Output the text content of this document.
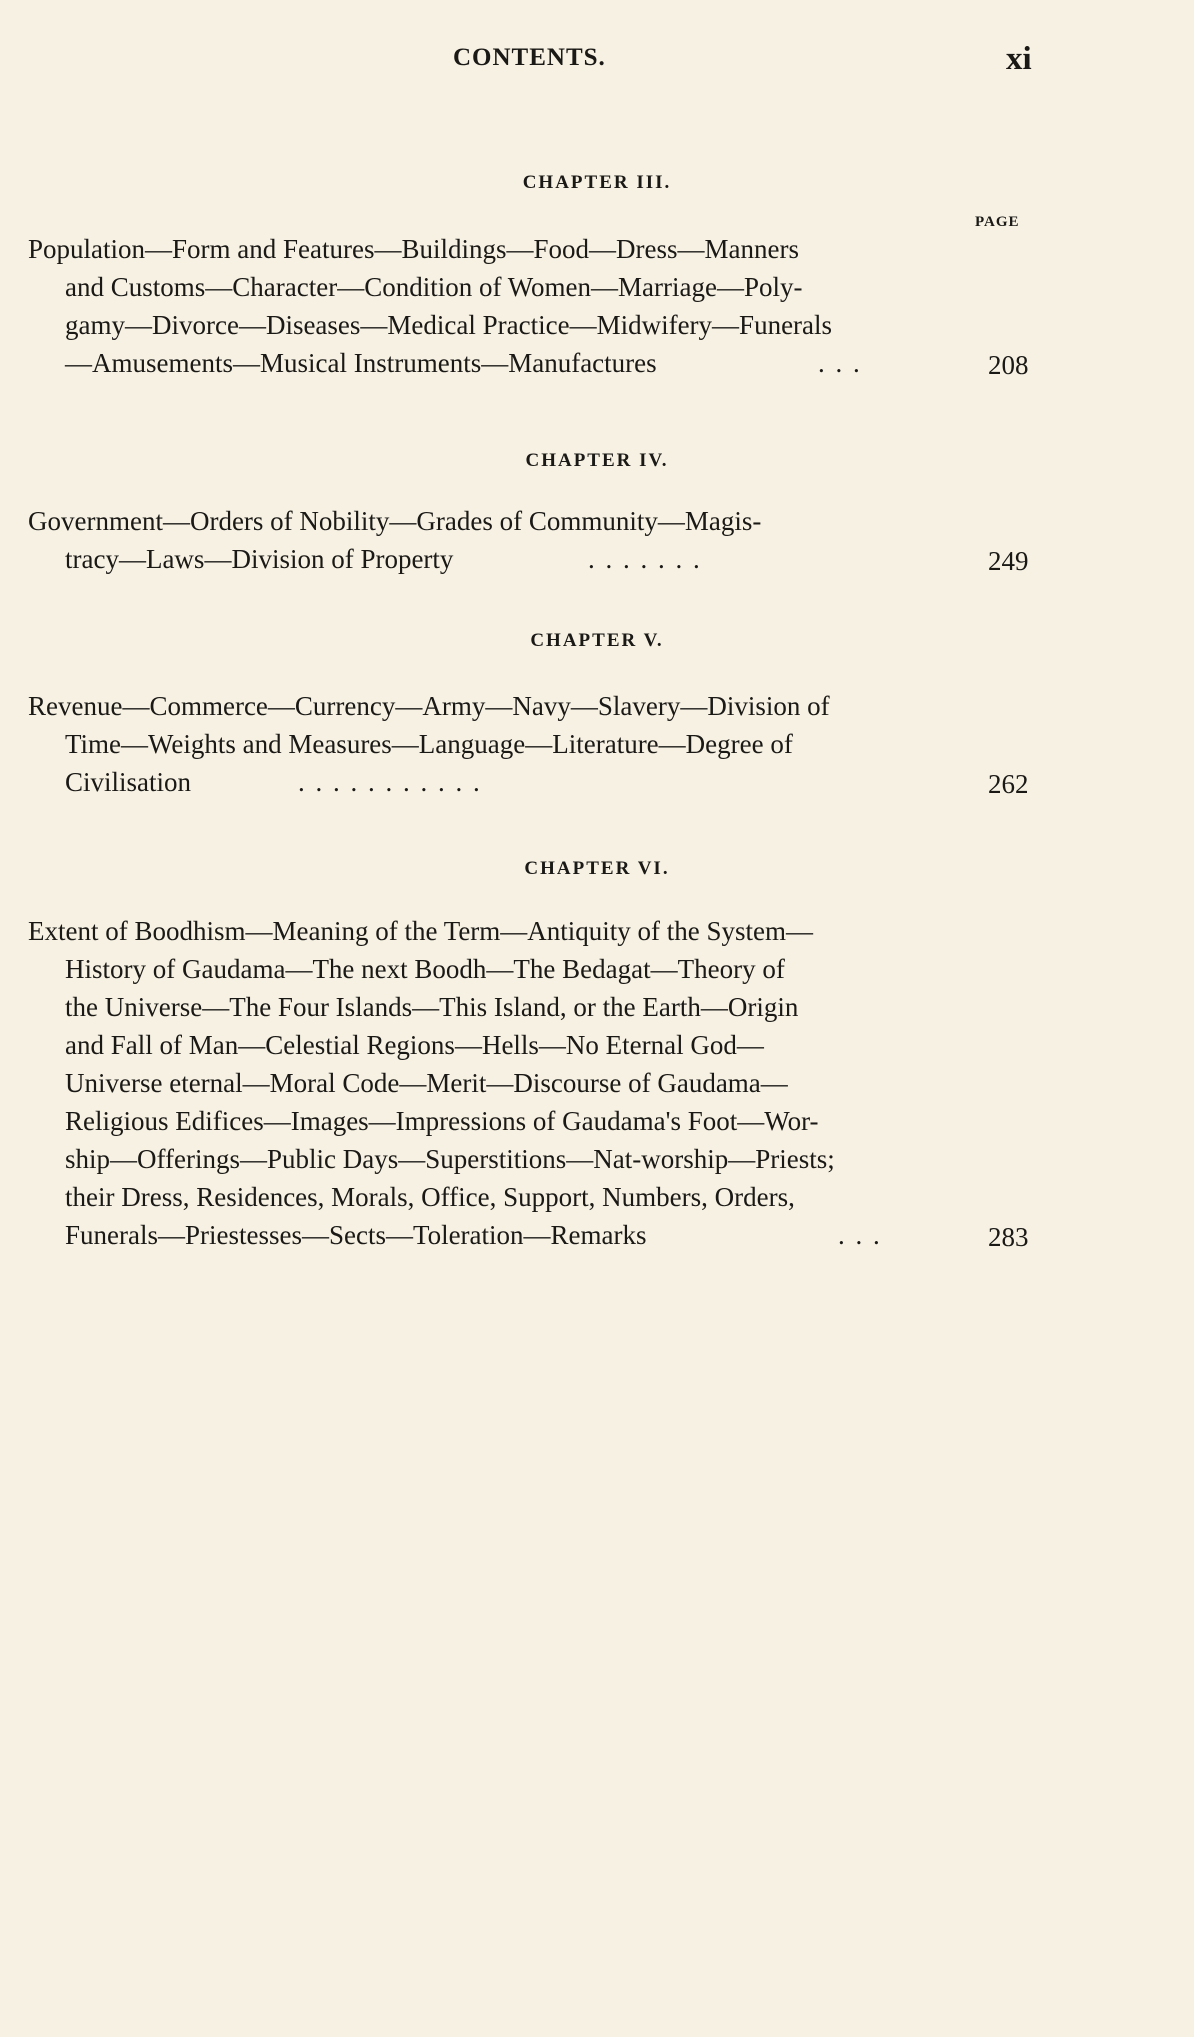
CONTENTS.	xi
CHAPTER III.
PAGE
Population—Form and Features—Buildings—Food—Dress—Manners
and Customs—Character—Condition of Women—Marriage—Poly-
gamy—Divorce—Diseases—Medical Practice—Midwifery—Funerals
—Amusements—Musical Instruments—Manufactures	. . .	208
CHAPTER IV.
Government—Orders of Nobility—Grades of Community—Magis-
tracy—Laws—Division of Property	. . . . . . .	249
CHAPTER V.
Revenue—Commerce—Currency—Army—Navy—Slavery—Division of
Time—Weights and Measures—Language—Literature—Degree of
Civilisation	. . . . . . . . . . .	262
CHAPTER VI.
Extent of Boodhism—Meaning of the Term—Antiquity of the System—
History of Gaudama—The next Boodh—The Bedagat—Theory of
the Universe—The Four Islands—This Island, or the Earth—Origin
and Fall of Man—Celestial Regions—Hells—No Eternal God—
Universe eternal—Moral Code—Merit—Discourse of Gaudama—
Religious Edifices—Images—Impressions of Gaudama's Foot—Wor-
ship—Offerings—Public Days—Superstitions—Nat-worship—Priests;
their Dress, Residences, Morals, Office, Support, Numbers, Orders,
Funerals—Priestesses—Sects—Toleration—Remarks	. . .	283
